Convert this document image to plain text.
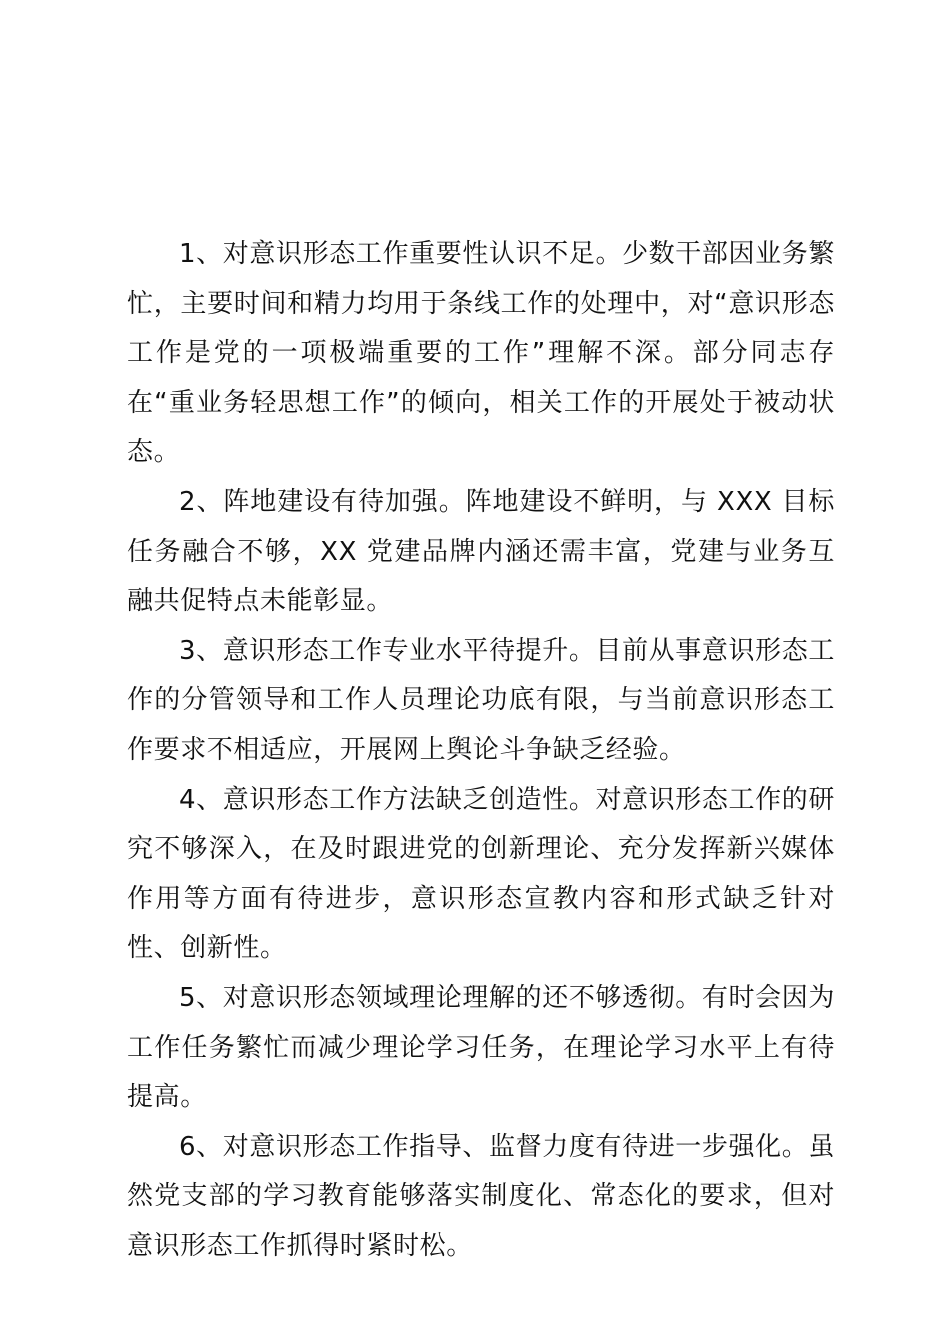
1、对意识形态工作重要性认识不足。少数干部因业务繁忙，主要时间和精力均用于条线工作的处理中，对“意识形态工作是党的一项极端重要的工作”理解不深。部分同志存在“重业务轻思想工作”的倾向，相关工作的开展处于被动状态。

2、阵地建设有待加强。阵地建设不鲜明，与 XXX 目标任务融合不够，XX 党建品牌内涵还需丰富，党建与业务互融共促特点未能彰显。

3、意识形态工作专业水平待提升。目前从事意识形态工作的分管领导和工作人员理论功底有限，与当前意识形态工作要求不相适应，开展网上舆论斗争缺乏经验。

4、意识形态工作方法缺乏创造性。对意识形态工作的研究不够深入，在及时跟进党的创新理论、充分发挥新兴媒体作用等方面有待进步，意识形态宣教内容和形式缺乏针对性、创新性。

5、对意识形态领域理论理解的还不够透彻。有时会因为工作任务繁忙而减少理论学习任务，在理论学习水平上有待提高。

6、对意识形态工作指导、监督力度有待进一步强化。虽然党支部的学习教育能够落实制度化、常态化的要求，但对意识形态工作抓得时紧时松。
